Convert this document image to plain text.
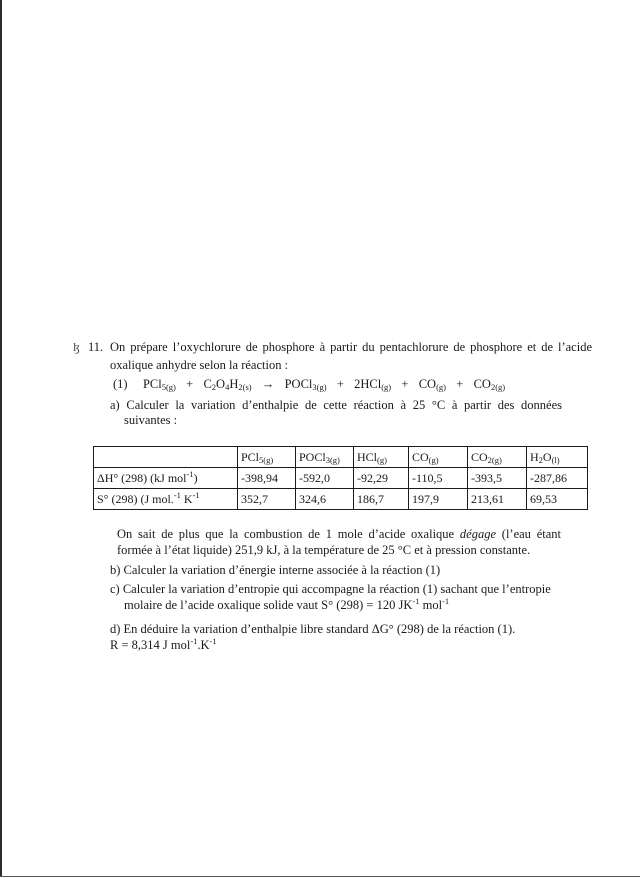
ɮ 11. On prépare l’oxychlorure de phosphore à partir du pentachlorure de phosphore et de l’acide
oxalique anhydre selon la réaction :
(1) $PCl_{5(g)} + C_2O_4H_{2(s)}$ → POCl$_{3(g)}$ + $2HCl_{(g)} + CO_{(g)} + CO_{2(g)}$
a) Calculer la variation d’enthalpie de cette réaction à 25 °C à partir des données
suivantes :
	PCl$_{5(g)}$	POCl$_{3(g)}$	HCl$_{(g)}$	$CO_{(g)}$	$CO_{2(g)}$	$H_2O_{(l)}$
ΔH° (298) (kJ mol$^{-1}$)	-398,94	-592,0	-92,29	-110,5	-393,5	-287,86
S° (298) (J mol.$^{-1}$ $K^{-1}$	352,7	324,6	186,7	197,9	213,61	69,53
On sait de plus que la combustion de 1 mole d’acide oxalique dégage (l’eau étant
formée à l’état liquide) 251,9 kJ, à la température de 25 °C et à pression constante.
b) Calculer la variation d’énergie interne associée à la réaction (1)
c) Calculer la variation d’entropie qui accompagne la réaction (1) sachant que l’entropie
molaire de l’acide oxalique solide vaut S° (298) = 120 $JK^{-1}$ mol$^{-1}$
d) En déduire la variation d’enthalpie libre standard ΔG° (298) de la réaction (1).
R = 8,314 J $mol^{-1}.K^{-1}$
